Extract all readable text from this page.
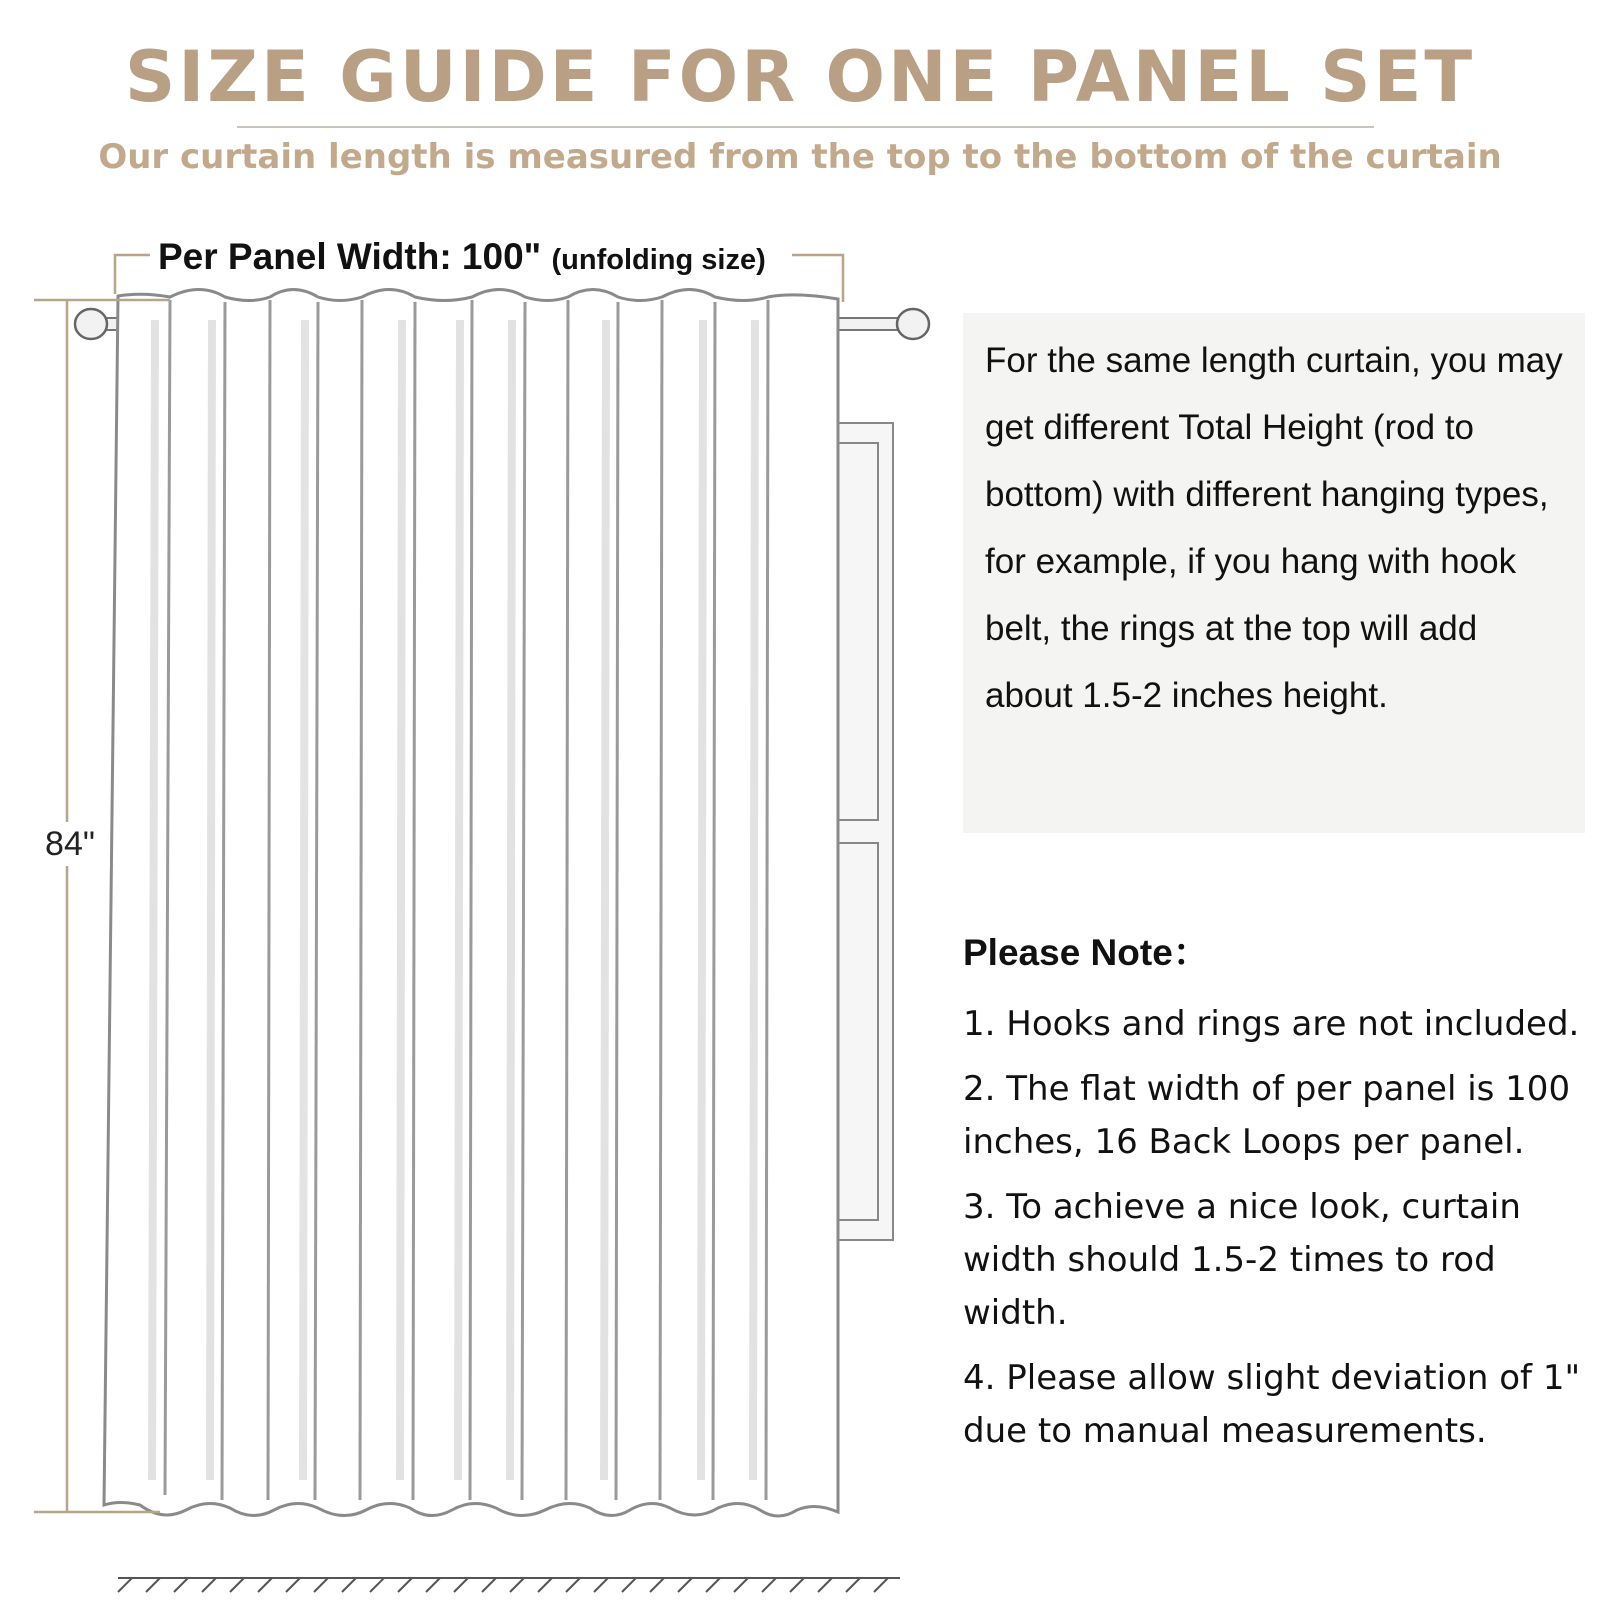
SIZE GUIDE FOR ONE PANEL SET

Our curtain length is measured from the top to the bottom of the curtain

Per Panel Width: 100" (unfolding size)
84"

For the same length curtain, you may get different Total Height (rod to bottom) with different hanging types, for example, if you hang with hook belt, the rings at the top will add about 1.5-2 inches height.

Please Note：

1. Hooks and rings are not included.
2. The flat width of per panel is 100 inches, 16 Back Loops per panel.
3. To achieve a nice look, curtain width should 1.5-2 times to rod width.
4. Please allow slight deviation of 1" due to manual measurements.
